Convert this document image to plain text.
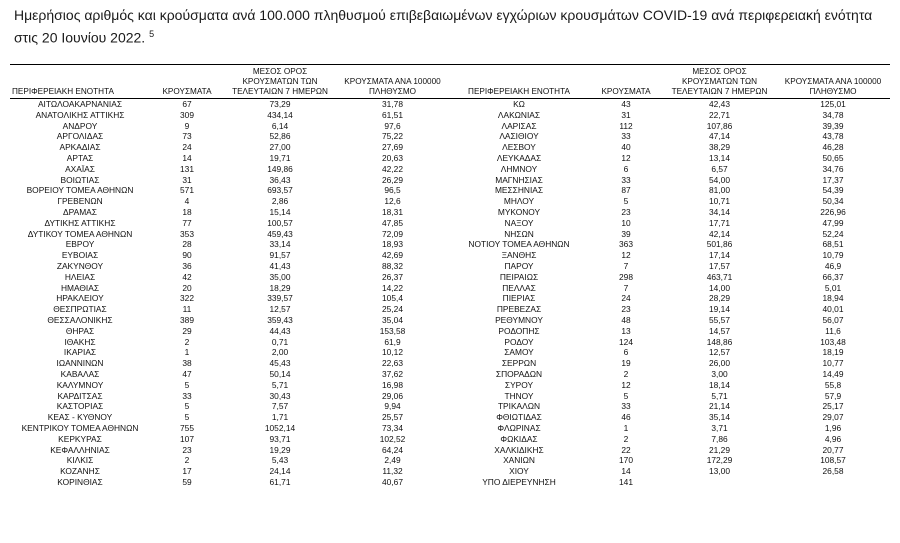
Ημερήσιος αριθμός και κρούσματα ανά 100.000 πληθυσμού επιβεβαιωμένων εγχώριων κρουσμάτων COVID-19 ανά περιφερειακή ενότητα στις 20 Ιουνίου 2022. $^5$

ΠΕΡΙΦΕΡΕΙΑΚΗ ΕΝΟΤΗΤΑ	ΚΡΟΥΣΜΑΤΑ	ΜΕΣΟΣ ΟΡΟΣ ΚΡΟΥΣΜΑΤΩΝ ΤΩΝ ΤΕΛΕΥΤΑΙΩΝ 7 ΗΜΕΡΩΝ	ΚΡΟΥΣΜΑΤΑ ΑΝΑ 100000 ΠΛΗΘΥΣΜΟ	ΠΕΡΙΦΕΡΕΙΑΚΗ ΕΝΟΤΗΤΑ	ΚΡΟΥΣΜΑΤΑ	ΜΕΣΟΣ ΟΡΟΣ ΚΡΟΥΣΜΑΤΩΝ ΤΩΝ ΤΕΛΕΥΤΑΙΩΝ 7 ΗΜΕΡΩΝ	ΚΡΟΥΣΜΑΤΑ ΑΝΑ 100000 ΠΛΗΘΥΣΜΟ
ΑΙΤΩΛΟΑΚΑΡΝΑΝΙΑΣ	67	73,29	31,78	ΚΩ	43	42,43	125,01
ΑΝΑΤΟΛΙΚΗΣ ΑΤΤΙΚΗΣ	309	434,14	61,51	ΛΑΚΩΝΙΑΣ	31	22,71	34,78
ΑΝΔΡΟΥ	9	6,14	97,6	ΛΑΡΙΣΑΣ	112	107,86	39,39
ΑΡΓΟΛΙΔΑΣ	73	52,86	75,22	ΛΑΣΙΘΙΟΥ	33	47,14	43,78
ΑΡΚΑΔΙΑΣ	24	27,00	27,69	ΛΕΣΒΟΥ	40	38,29	46,28
ΑΡΤΑΣ	14	19,71	20,63	ΛΕΥΚΑΔΑΣ	12	13,14	50,65
ΑΧΑΪΑΣ	131	149,86	42,22	ΛΗΜΝΟΥ	6	6,57	34,76
ΒΟΙΩΤΙΑΣ	31	36,43	26,29	ΜΑΓΝΗΣΙΑΣ	33	54,00	17,37
ΒΟΡΕΙΟΥ ΤΟΜΕΑ ΑΘΗΝΩΝ	571	693,57	96,5	ΜΕΣΣΗΝΙΑΣ	87	81,00	54,39
ΓΡΕΒΕΝΩΝ	4	2,86	12,6	ΜΗΛΟΥ	5	10,71	50,34
ΔΡΑΜΑΣ	18	15,14	18,31	ΜΥΚΟΝΟΥ	23	34,14	226,96
ΔΥΤΙΚΗΣ ΑΤΤΙΚΗΣ	77	100,57	47,85	ΝΑΞΟΥ	10	17,71	47,99
ΔΥΤΙΚΟΥ ΤΟΜΕΑ ΑΘΗΝΩΝ	353	459,43	72,09	ΝΗΣΩΝ	39	42,14	52,24
ΕΒΡΟΥ	28	33,14	18,93	ΝΟΤΙΟΥ ΤΟΜΕΑ ΑΘΗΝΩΝ	363	501,86	68,51
ΕΥΒΟΙΑΣ	90	91,57	42,69	ΞΑΝΘΗΣ	12	17,14	10,79
ΖΑΚΥΝΘΟΥ	36	41,43	88,32	ΠΑΡΟΥ	7	17,57	46,9
ΗΛΕΙΑΣ	42	35,00	26,37	ΠΕΙΡΑΙΩΣ	298	463,71	66,37
ΗΜΑΘΙΑΣ	20	18,29	14,22	ΠΕΛΛΑΣ	7	14,00	5,01
ΗΡΑΚΛΕΙΟΥ	322	339,57	105,4	ΠΙΕΡΙΑΣ	24	28,29	18,94
ΘΕΣΠΡΩΤΙΑΣ	11	12,57	25,24	ΠΡΕΒΕΖΑΣ	23	19,14	40,01
ΘΕΣΣΑΛΟΝΙΚΗΣ	389	359,43	35,04	ΡΕΘΥΜΝΟΥ	48	55,57	56,07
ΘΗΡΑΣ	29	44,43	153,58	ΡΟΔΟΠΗΣ	13	14,57	11,6
ΙΘΑΚΗΣ	2	0,71	61,9	ΡΟΔΟΥ	124	148,86	103,48
ΙΚΑΡΙΑΣ	1	2,00	10,12	ΣΑΜΟΥ	6	12,57	18,19
ΙΩΑΝΝΙΝΩΝ	38	45,43	22,63	ΣΕΡΡΩΝ	19	26,00	10,77
ΚΑΒΑΛΑΣ	47	50,14	37,62	ΣΠΟΡΑΔΩΝ	2	3,00	14,49
ΚΑΛΥΜΝΟΥ	5	5,71	16,98	ΣΥΡΟΥ	12	18,14	55,8
ΚΑΡΔΙΤΣΑΣ	33	30,43	29,06	ΤΗΝΟΥ	5	5,71	57,9
ΚΑΣΤΟΡΙΑΣ	5	7,57	9,94	ΤΡΙΚΑΛΩΝ	33	21,14	25,17
ΚΕΑΣ - ΚΥΘΝΟΥ	5	1,71	25,57	ΦΘΙΩΤΙΔΑΣ	46	35,14	29,07
ΚΕΝΤΡΙΚΟΥ ΤΟΜΕΑ ΑΘΗΝΩΝ	755	1052,14	73,34	ΦΛΩΡΙΝΑΣ	1	3,71	1,96
ΚΕΡΚΥΡΑΣ	107	93,71	102,52	ΦΩΚΙΔΑΣ	2	7,86	4,96
ΚΕΦΑΛΛΗΝΙΑΣ	23	19,29	64,24	ΧΑΛΚΙΔΙΚΗΣ	22	21,29	20,77
ΚΙΛΚΙΣ	2	5,43	2,49	ΧΑΝΙΩΝ	170	172,29	108,57
ΚΟΖΑΝΗΣ	17	24,14	11,32	ΧΙΟΥ	14	13,00	26,58
ΚΟΡΙΝΘΙΑΣ	59	61,71	40,67	ΥΠΟ ΔΙΕΡΕΥΝΗΣΗ	141		
